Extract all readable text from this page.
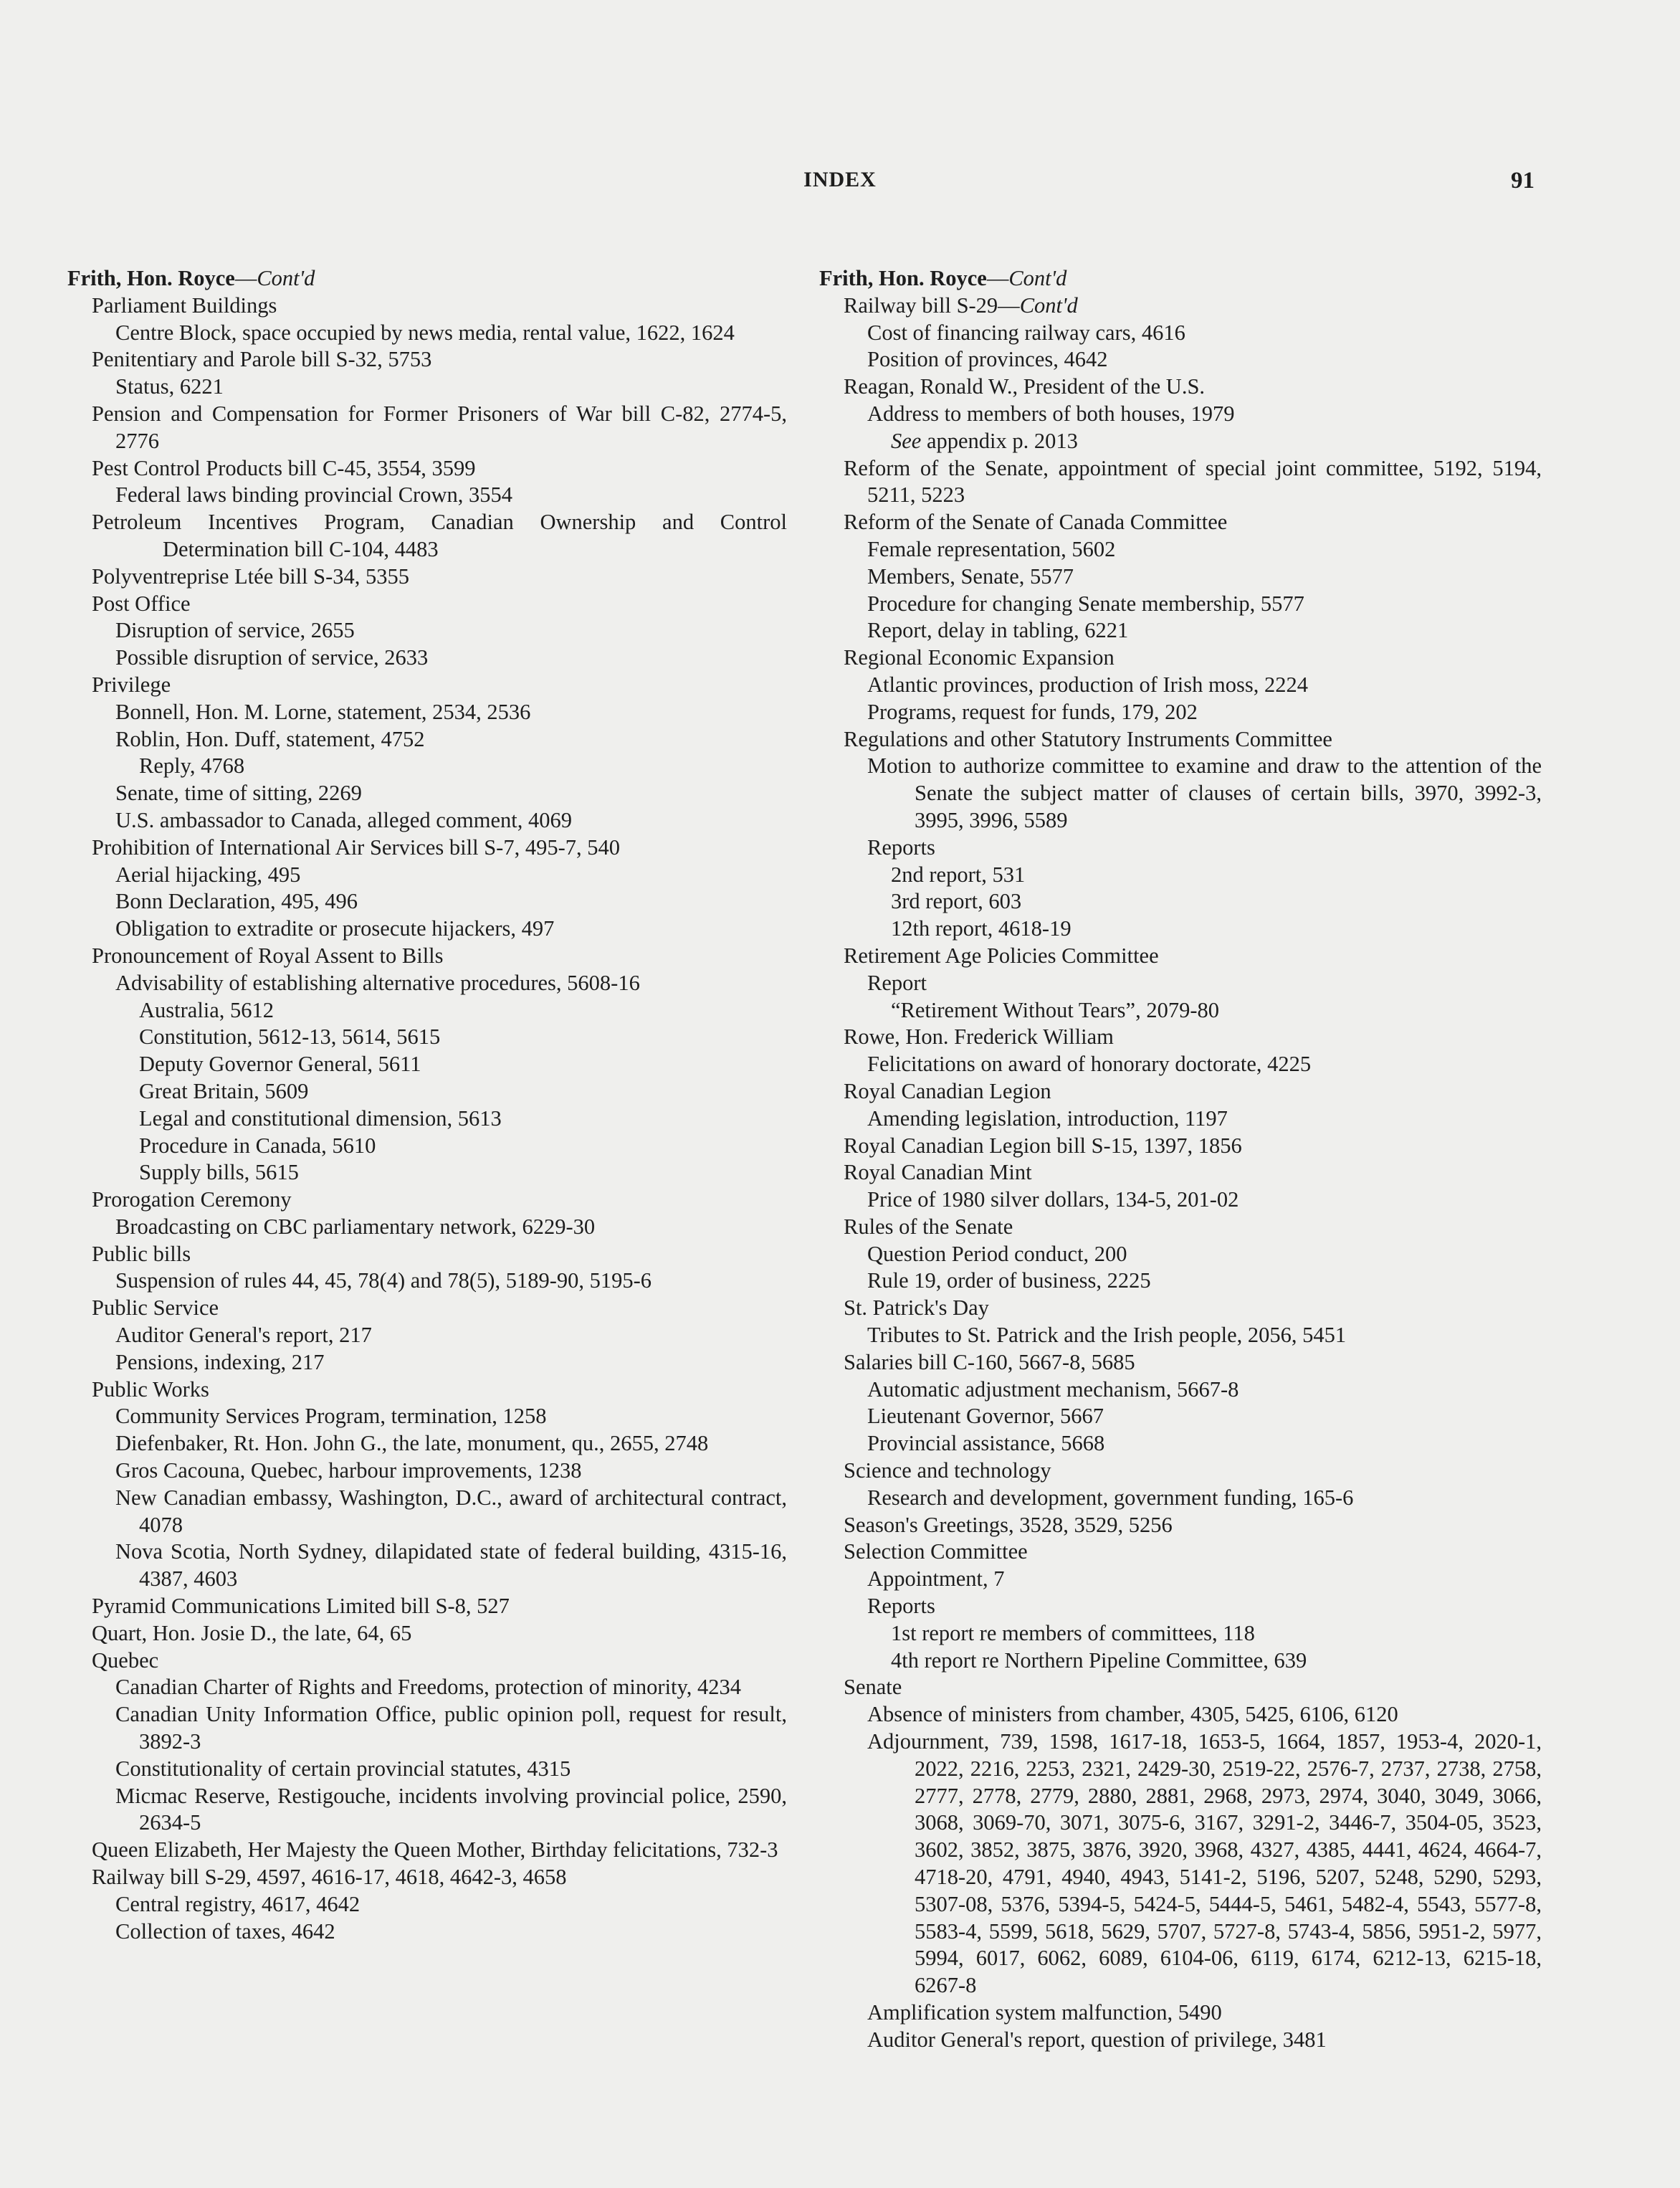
INDEX	91
Frith, Hon. Royce—Cont'd
Parliament Buildings
Centre Block, space occupied by news media, rental value, 1622, 1624
Penitentiary and Parole bill S-32, 5753
Status, 6221
Pension and Compensation for Former Prisoners of War bill C-82, 2774-5, 2776
Pest Control Products bill C-45, 3554, 3599
Federal laws binding provincial Crown, 3554
Petroleum Incentives Program, Canadian Ownership and Control Determination bill C-104, 4483
Polyventreprise Ltée bill S-34, 5355
Post Office
Disruption of service, 2655
Possible disruption of service, 2633
Privilege
Bonnell, Hon. M. Lorne, statement, 2534, 2536
Roblin, Hon. Duff, statement, 4752
Reply, 4768
Senate, time of sitting, 2269
U.S. ambassador to Canada, alleged comment, 4069
Prohibition of International Air Services bill S-7, 495-7, 540
Aerial hijacking, 495
Bonn Declaration, 495, 496
Obligation to extradite or prosecute hijackers, 497
Pronouncement of Royal Assent to Bills
Advisability of establishing alternative procedures, 5608-16
Australia, 5612
Constitution, 5612-13, 5614, 5615
Deputy Governor General, 5611
Great Britain, 5609
Legal and constitutional dimension, 5613
Procedure in Canada, 5610
Supply bills, 5615
Prorogation Ceremony
Broadcasting on CBC parliamentary network, 6229-30
Public bills
Suspension of rules 44, 45, 78(4) and 78(5), 5189-90, 5195-6
Public Service
Auditor General's report, 217
Pensions, indexing, 217
Public Works
Community Services Program, termination, 1258
Diefenbaker, Rt. Hon. John G., the late, monument, qu., 2655, 2748
Gros Cacouna, Quebec, harbour improvements, 1238
New Canadian embassy, Washington, D.C., award of architectural contract, 4078
Nova Scotia, North Sydney, dilapidated state of federal building, 4315-16, 4387, 4603
Pyramid Communications Limited bill S-8, 527
Quart, Hon. Josie D., the late, 64, 65
Quebec
Canadian Charter of Rights and Freedoms, protection of minority, 4234
Canadian Unity Information Office, public opinion poll, request for result, 3892-3
Constitutionality of certain provincial statutes, 4315
Micmac Reserve, Restigouche, incidents involving provincial police, 2590, 2634-5
Queen Elizabeth, Her Majesty the Queen Mother, Birthday felicitations, 732-3
Railway bill S-29, 4597, 4616-17, 4618, 4642-3, 4658
Central registry, 4617, 4642
Collection of taxes, 4642
Frith, Hon. Royce—Cont'd
Railway bill S-29—Cont'd
Cost of financing railway cars, 4616
Position of provinces, 4642
Reagan, Ronald W., President of the U.S.
Address to members of both houses, 1979
See appendix p. 2013
Reform of the Senate, appointment of special joint committee, 5192, 5194, 5211, 5223
Reform of the Senate of Canada Committee
Female representation, 5602
Members, Senate, 5577
Procedure for changing Senate membership, 5577
Report, delay in tabling, 6221
Regional Economic Expansion
Atlantic provinces, production of Irish moss, 2224
Programs, request for funds, 179, 202
Regulations and other Statutory Instruments Committee
Motion to authorize committee to examine and draw to the attention of the Senate the subject matter of clauses of certain bills, 3970, 3992-3, 3995, 3996, 5589
Reports
2nd report, 531
3rd report, 603
12th report, 4618-19
Retirement Age Policies Committee
Report
“Retirement Without Tears”, 2079-80
Rowe, Hon. Frederick William
Felicitations on award of honorary doctorate, 4225
Royal Canadian Legion
Amending legislation, introduction, 1197
Royal Canadian Legion bill S-15, 1397, 1856
Royal Canadian Mint
Price of 1980 silver dollars, 134-5, 201-02
Rules of the Senate
Question Period conduct, 200
Rule 19, order of business, 2225
St. Patrick's Day
Tributes to St. Patrick and the Irish people, 2056, 5451
Salaries bill C-160, 5667-8, 5685
Automatic adjustment mechanism, 5667-8
Lieutenant Governor, 5667
Provincial assistance, 5668
Science and technology
Research and development, government funding, 165-6
Season's Greetings, 3528, 3529, 5256
Selection Committee
Appointment, 7
Reports
1st report re members of committees, 118
4th report re Northern Pipeline Committee, 639
Senate
Absence of ministers from chamber, 4305, 5425, 6106, 6120
Adjournment, 739, 1598, 1617-18, 1653-5, 1664, 1857, 1953-4, 2020-1, 2022, 2216, 2253, 2321, 2429-30, 2519-22, 2576-7, 2737, 2738, 2758, 2777, 2778, 2779, 2880, 2881, 2968, 2973, 2974, 3040, 3049, 3066, 3068, 3069-70, 3071, 3075-6, 3167, 3291-2, 3446-7, 3504-05, 3523, 3602, 3852, 3875, 3876, 3920, 3968, 4327, 4385, 4441, 4624, 4664-7, 4718-20, 4791, 4940, 4943, 5141-2, 5196, 5207, 5248, 5290, 5293, 5307-08, 5376, 5394-5, 5424-5, 5444-5, 5461, 5482-4, 5543, 5577-8, 5583-4, 5599, 5618, 5629, 5707, 5727-8, 5743-4, 5856, 5951-2, 5977, 5994, 6017, 6062, 6089, 6104-06, 6119, 6174, 6212-13, 6215-18, 6267-8
Amplification system malfunction, 5490
Auditor General's report, question of privilege, 3481
